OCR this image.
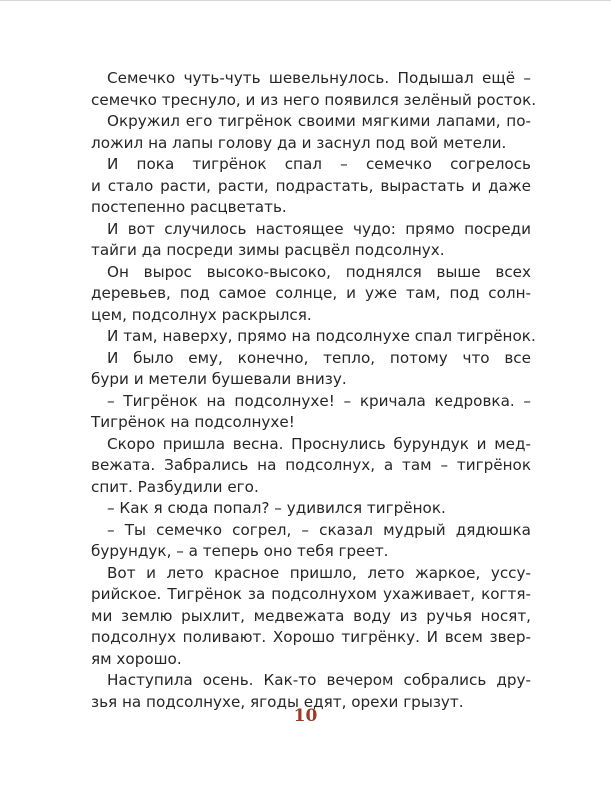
Семечко чуть-чуть шевельнулось. Подышал ещё –
семечко треснуло, и из него появился зелёный росток.
Окружил его тигрёнок своими мягкими лапами, по-
ложил на лапы голову да и заснул под вой метели.
И пока тигрёнок спал – семечко согрелось
и стало расти, расти, подрастать, вырастать и даже
постепенно расцветать.
И вот случилось настоящее чудо: прямо посреди
тайги да посреди зимы расцвёл подсолнух.
Он вырос высоко-высоко, поднялся выше всех
деревьев, под самое солнце, и уже там, под солн-
цем, подсолнух раскрылся.
И там, наверху, прямо на подсолнухе спал тигрёнок.
И было ему, конечно, тепло, потому что все
бури и метели бушевали внизу.
– Тигрёнок на подсолнухе! – кричала кедровка. –
Тигрёнок на подсолнухе!
Скоро пришла весна. Проснулись бурундук и мед-
вежата. Забрались на подсолнух, а там – тигрёнок
спит. Разбудили его.
– Как я сюда попал? – удивился тигрёнок.
– Ты семечко согрел, – сказал мудрый дядюшка
бурундук, – а теперь оно тебя греет.
Вот и лето красное пришло, лето жаркое, уссу-
рийское. Тигрёнок за подсолнухом ухаживает, когтя-
ми землю рыхлит, медвежата воду из ручья носят,
подсолнух поливают. Хорошо тигрёнку. И всем звер-
ям хорошо.
Наступила осень. Как-то вечером собрались дру-
зья на подсолнухе, ягоды едят, орехи грызут.
10
